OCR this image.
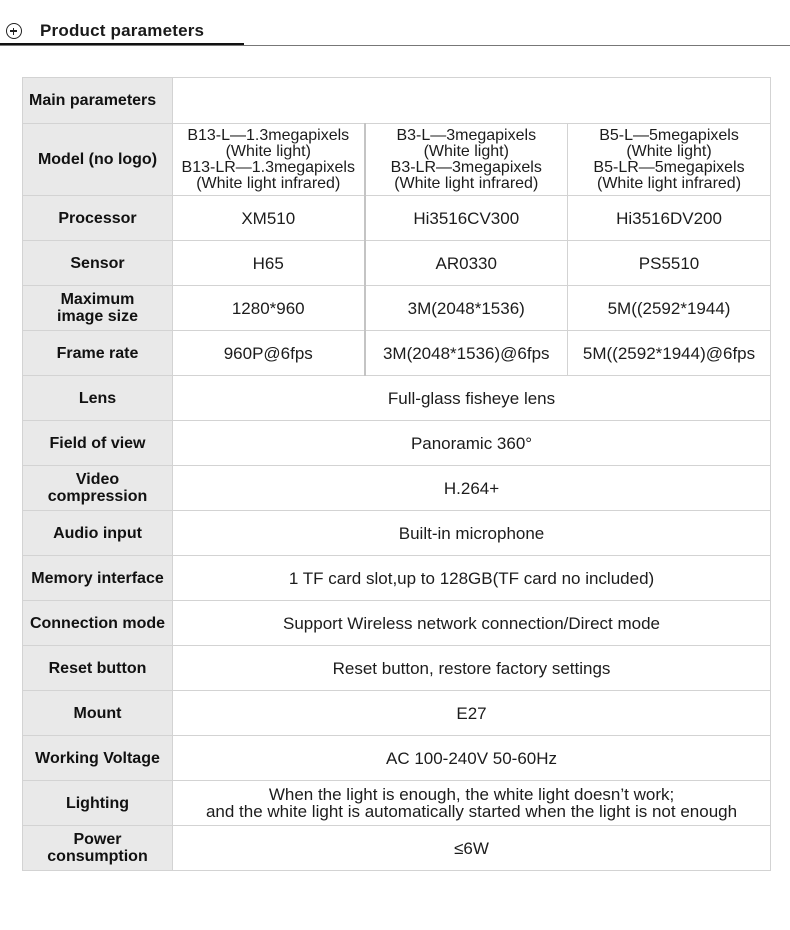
Product parameters
Main parameters			
Model (no logo)	B13-L—1.3megapixels
(White light)
B13-LR—1.3megapixels
(White light infrared)	B3-L—3megapixels
(White light)
B3-LR—3megapixels
(White light infrared)	B5-L—5megapixels
(White light)
B5-LR—5megapixels
(White light infrared)

Processor	XM510	Hi3516CV300	Hi3516DV200
Sensor	H65	AR0330	PS5510

Maximum
image size	1280*960	3M(2048*1536)	5M((2592*1944)
Frame rate	960P@6fps	3M(2048*1536)@6fps	5M((2592*1944)@6fps
Lens	Full-glass fisheye lens		
Field of view	Panoramic 360°		

Video
compression	H.264+		
Audio input	Built-in microphone		
Memory interface	1 TF card slot,up to 128GB(TF card no included)		
Connection mode	Support Wireless network connection/Direct mode		
Reset button	Reset button, restore factory settings		
Mount	E27		
Working Voltage	AC 100-240V 50-60Hz		
Lighting	When the light is enough, the white light doesn’t work;
and the white light is automatically started when the light is not enough		

Power
consumption	≤6W		
